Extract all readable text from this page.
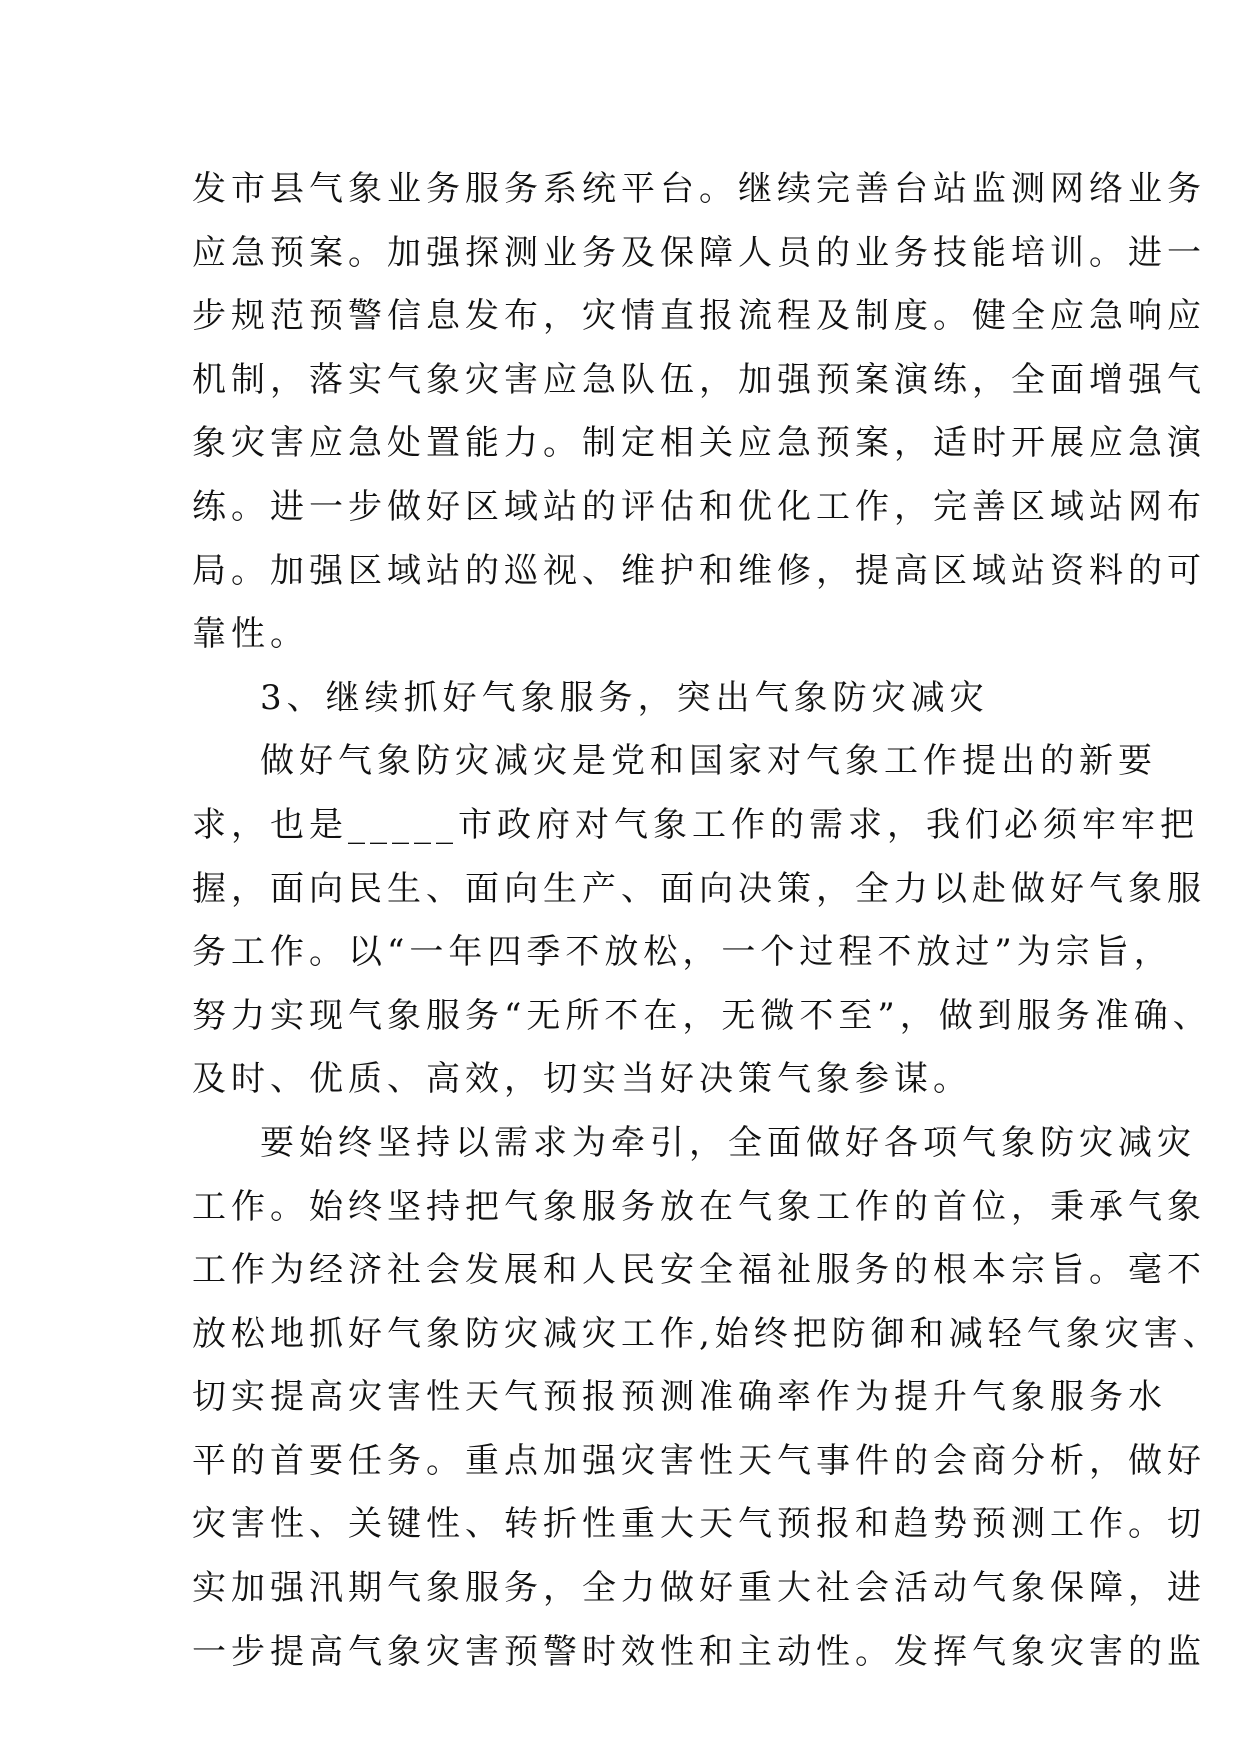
发市县气象业务服务系统平台。继续完善台站监测网络业务
应急预案。加强探测业务及保障人员的业务技能培训。进一
步规范预警信息发布，灾情直报流程及制度。健全应急响应
机制，落实气象灾害应急队伍，加强预案演练，全面增强气
象灾害应急处置能力。制定相关应急预案，适时开展应急演
练。进一步做好区域站的评估和优化工作，完善区域站网布
局。加强区域站的巡视、维护和维修，提高区域站资料的可
靠性。
3、继续抓好气象服务，突出气象防灾减灾
做好气象防灾减灾是党和国家对气象工作提出的新要
求，也是_____市政府对气象工作的需求，我们必须牢牢把
握，面向民生、面向生产、面向决策，全力以赴做好气象服
务工作。以“一年四季不放松，一个过程不放过”为宗旨，
努力实现气象服务“无所不在，无微不至”，做到服务准确、
及时、优质、高效，切实当好决策气象参谋。
要始终坚持以需求为牵引，全面做好各项气象防灾减灾
工作。始终坚持把气象服务放在气象工作的首位，秉承气象
工作为经济社会发展和人民安全福祉服务的根本宗旨。毫不
放松地抓好气象防灾减灾工作,始终把防御和减轻气象灾害、
切实提高灾害性天气预报预测准确率作为提升气象服务水
平的首要任务。重点加强灾害性天气事件的会商分析，做好
灾害性、关键性、转折性重大天气预报和趋势预测工作。切
实加强汛期气象服务，全力做好重大社会活动气象保障，进
一步提高气象灾害预警时效性和主动性。发挥气象灾害的监
